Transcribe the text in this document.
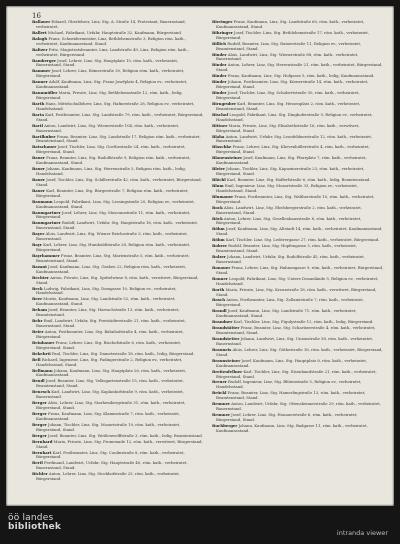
16
Ballauer Eduard, Oberlehrer, Linz, Stg. A. Straße 14, Protestant, Bauernstand, verheiratet.
Ballert Michael, Fabrikant, Urfahr, Hauptstraße 32, Kaufmann, Bürgerstand.
Balogh Franz, Schneidermeister, Linz, Bethlehemstraße 3, Religion röm. kath., verheiratet, Kaufmannsstand, Stand.
Baltzer Fritz, Magistratsbeamter, Linz, Landstraße 49, Linz, Religion röm. kath., verheiratet, Bürgerstand.
Bamberger Josef, Lehrer, Linz, Stg. Hauptplatz 15, röm. kath., verheiratet, Bauernstand, Stand.
Bammer Josef, Lehrer, Linz, Römerstraße 30, Religion röm. kath., verheiratet, Bürgerstand.
Banner Adolf, Kaufmann, Linz, Stg. Franz Josefplatz 4, Religion ev., verheiratet, Kaufmannsstand.
Bannmüller Maria, Private, Linz, Stg. Bethlehemstraße 12, röm. kath., ledig, Bürgerstand.
Barth Hans, Mittelschullehrer, Linz, Stg. Hafnerstraße 28, Religion ev., verheiratet, Handelsstand.
Barta Karl, Postbeamter, Linz, Stg. Landstraße 79, röm. kath., verheiratet, Bürgerstand, Stand.
Bartl Anton, Landwirt, Linz, Stg. Wienerstraße 104, röm. kath., verheiratet, Bauernstand.
Bartlhuber Franz, Beamter, Linz, Stg. Landstraße 17, Religion röm. kath., verheiratet, Beamtenstand, Stand.
Batschauer Josef, Tischler, Linz, Stg. Goethestraße 24, röm. kath., verheiratet, Bürgerstand, Stand.
Bauer Franz, Beamter, Linz, Stg. Rudolfstraße 9, Religion röm. kath., verheiratet, Kaufmannsstand, Stand.
Bauer Johann, Kaufmann, Linz, Stg. Herrenstraße 3, Religion röm. kath., ledig, Handelsstand.
Bauer Josef, Tischler, Linz, Stg. Schillerstraße 42, röm. kath., verheiratet, Bürgerstand, Stand.
Bauer Karl, Beamter, Linz, Stg. Bürgerstraße 7, Religion röm. kath., verheiratet, Bürgerstand.
Baumann Leopold, Fabrikant, Linz, Stg. Lessingstraße 20, Religion ev., verheiratet, Kaufmannsstand, Stand.
Baumgartner Josef, Lehrer, Linz, Stg. Museumstraße 11, röm. kath., verheiratet, Bürgerstand.
Baumgartner Rudolf, Landwirt, Urfahr, Stg. Hauptstraße 16, röm. kath., verheiratet, Bauernstand, Stand.
Bayer Alois, Landwirt, Linz, Stg. Wiener Reichsstraße 3, röm. kath., verheiratet, Bauernstand.
Bayr Karl, Lehrer, Linz, Stg. Humboldtstraße 28, Religion röm. kath., verheiratet, Bürgerstand.
Bayrhammer Franz, Beamter, Linz, Stg. Marienstraße 5, röm. kath., verheiratet, Beamtenstand, Stand.
Bazant Josef, Kaufmann, Linz, Stg. Graben 22, Religion röm. kath., verheiratet, Kaufmannsstand.
Bechter Anton, Private, Linz, Stg. Spittelwiese 8, röm. kath., verwitwet, Bürgerstand, Stand.
Beck Ludwig, Fabrikant, Linz, Stg. Domgasse 10, Religion ev., verheiratet, Handelsstand.
Beer Moritz, Kaufmann, Linz, Stg. Landstraße 52, röm. kath., verheiratet, Kaufmannsstand, Stand.
Beham Josef, Beamter, Linz, Stg. Harrachstraße 13, röm. kath., verheiratet, Beamtenstand.
Behr Emil, Landwirt, Urfahr, Stg. Freistädterstraße 21, röm. kath., verheiratet, Bauernstand, Stand.
Beier Anton, Postbeamter, Linz, Stg. Bahnhofstraße 4, röm. kath., verheiratet, Bürgerstand.
Beinhauer Franz, Lehrer, Linz, Stg. Bischofstraße 6, röm. kath., verheiratet, Bürgerstand, Stand.
Bekehrti Paul, Tischler, Linz, Stg. Dametzstraße 18, röm. kath., ledig, Bürgerstand.
Bell Richard, Ingenieur, Linz, Stg. Fadingerstraße 2, Religion ev., verheiratet, Handelsstand, Stand.
Bellmann Johann, Kaufmann, Linz, Stg. Hauptplatz 26, röm. kath., verheiratet, Kaufmannsstand.
Bendl Josef, Beamter, Linz, Stg. Volksgartenstraße 15, röm. kath., verheiratet, Beamtenstand, Stand.
Benesch Karl, Landwirt, Linz, Stg. Kaplanhofstraße 9, röm. kath., verheiratet, Bauernstand.
Berger Alois, Lehrer, Linz, Stg. Starhembergstraße 31, röm. kath., verheiratet, Bürgerstand, Stand.
Berger Franz, Kaufmann, Linz, Stg. Klammstraße 7, röm. kath., verheiratet, Kaufmannsstand.
Berger Johann, Tischler, Linz, Stg. Mozartstraße 19, röm. kath., verheiratet, Bürgerstand, Stand.
Berger Josef, Beamter, Linz, Stg. Weißenwolffstraße 3, röm. kath., ledig, Beamtenstand.
Bernhard Maria, Private, Linz, Stg. Promenade 12, röm. kath., verwitwet, Bürgerstand, Stand.
Bernhart Karl, Postbeamter, Linz, Stg. Coulinstraße 8, röm. kath., verheiratet, Bürgerstand.
Bertl Ferdinand, Landwirt, Urfahr, Stg. Hauptstraße 40, röm. kath., verheiratet, Bauernstand, Stand.
Bichler Anton, Lehrer, Linz, Stg. Stockhofstraße 25, röm. kath., verheiratet, Bürgerstand.
Bieringer Franz, Kaufmann, Linz, Stg. Landstraße 60, röm. kath., verheiratet, Kaufmannsstand, Stand.
Bihringer Josef, Tischler, Linz, Stg. Bethlehemstraße 17, röm. kath., verheiratet, Bürgerstand.
Billich Rudolf, Beamter, Linz, Stg. Rainerstraße 11, Religion ev., verheiratet, Beamtenstand, Stand.
Binder Alois, Landwirt, Linz, Stg. Wienerstraße 88, röm. kath., verheiratet, Bauernstand.
Binder Anton, Lehrer, Linz, Stg. Herrenstraße 21, röm. kath., verheiratet, Bürgerstand, Stand.
Binder Franz, Kaufmann, Linz, Stg. Hofgasse 5, röm. kath., ledig, Kaufmannsstand.
Binder Johann, Postbeamter, Linz, Stg. Körnerstraße 14, röm. kath., verheiratet, Bürgerstand, Stand.
Binder Josef, Tischler, Linz, Stg. Schubertstraße 30, röm. kath., verheiratet, Bürgerstand.
Birngruber Karl, Beamter, Linz, Stg. Hessenplatz 2, röm. kath., verheiratet, Beamtenstand, Stand.
Bischof Leopold, Fabrikant, Linz, Stg. Dinghoferstraße 9, Religion ev., verheiratet, Handelsstand.
Bittner Maria, Private, Linz, Stg. Elisabethstraße 16, röm. kath., verwitwet, Bürgerstand, Stand.
Blaha Anton, Landwirt, Urfahr, Stg. Leonfeldnerstraße 12, röm. kath., verheiratet, Bauernstand.
Blaschke Franz, Lehrer, Linz, Stg. Khevenhüllerstraße 4, röm. kath., verheiratet, Bürgerstand, Stand.
Blauensteiner Josef, Kaufmann, Linz, Stg. Pfarrplatz 7, röm. kath., verheiratet, Kaufmannsstand.
Bleier Johann, Tischler, Linz, Stg. Kapuzinerstraße 23, röm. kath., verheiratet, Bürgerstand, Stand.
Blöchl Karl, Beamter, Linz, Stg. Hafferlstraße 6, röm. kath., ledig, Beamtenstand.
Blum Emil, Ingenieur, Linz, Stg. Mozartstraße 33, Religion ev., verheiratet, Handelsstand, Stand.
Blumauer Franz, Postbeamter, Linz, Stg. Waltherstraße 10, röm. kath., verheiratet, Bürgerstand.
Bock Alois, Landwirt, Linz, Stg. Ebelsbergerstraße 2, röm. kath., verheiratet, Bauernstand, Stand.
Böck Anton, Lehrer, Linz, Stg. Gesellenhausstraße 8, röm. kath., verheiratet, Bürgerstand.
Böhm Josef, Kaufmann, Linz, Stg. Altstadt 14, röm. kath., verheiratet, Kaufmannsstand, Stand.
Böhm Karl, Tischler, Linz, Stg. Lederergasse 27, röm. kath., verheiratet, Bürgerstand.
Bohrer Rudolf, Beamter, Linz, Stg. Hopfengasse 3, röm. kath., verheiratet, Beamtenstand, Stand.
Bolzer Johann, Landwirt, Urfahr, Stg. Rudolfstraße 45, röm. kath., verheiratet, Bauernstand.
Bonauer Franz, Lehrer, Linz, Stg. Hahnengasse 9, röm. kath., verheiratet, Bürgerstand, Stand.
Bonner Leopold, Fabrikant, Linz, Stg. Untere Donaulände 5, Religion ev., verheiratet, Handelsstand.
Borth Maria, Private, Linz, Stg. Kreuzstraße 18, röm. kath., verwitwet, Bürgerstand, Stand.
Bosch Anton, Postbeamter, Linz, Stg. Zollamtstraße 7, röm. kath., verheiratet, Bürgerstand.
Brandl Josef, Kaufmann, Linz, Stg. Landstraße 71, röm. kath., verheiratet, Kaufmannsstand, Stand.
Brandner Karl, Tischler, Linz, Stg. Figulystraße 12, röm. kath., ledig, Bürgerstand.
Brandstätter Franz, Beamter, Linz, Stg. Scharitzerstraße 4, röm. kath., verheiratet, Beamtenstand, Stand.
Brandstetter Johann, Landwirt, Linz, Stg. Unionstraße 38, röm. kath., verheiratet, Bauernstand.
Brauneis Alois, Lehrer, Linz, Stg. Göthestraße 16, röm. kath., verheiratet, Bürgerstand, Stand.
Braunsteiner Josef, Kaufmann, Linz, Stg. Hauptplatz 8, röm. kath., verheiratet, Kaufmannsstand.
Breitenfellner Karl, Tischler, Linz, Stg. Eisenhandstraße 21, röm. kath., verheiratet, Bürgerstand, Stand.
Breuer Rudolf, Ingenieur, Linz, Stg. Blütenstraße 5, Religion ev., verheiratet, Handelsstand.
Brückl Franz, Beamter, Linz, Stg. Hamerlingstraße 13, röm. kath., verheiratet, Beamtenstand, Stand.
Brunner Anton, Landwirt, Urfahr, Stg. Ottensheimerstraße 29, röm. kath., verheiratet, Bauernstand.
Brunner Josef, Lehrer, Linz, Stg. Honauerstraße 6, röm. kath., verheiratet, Bürgerstand, Stand.
Buchberger Johann, Kaufmann, Linz, Stg. Badgasse 11, röm. kath., verheiratet, Kaufmannsstand.
öö landes
bibliothek
intranda viewer
